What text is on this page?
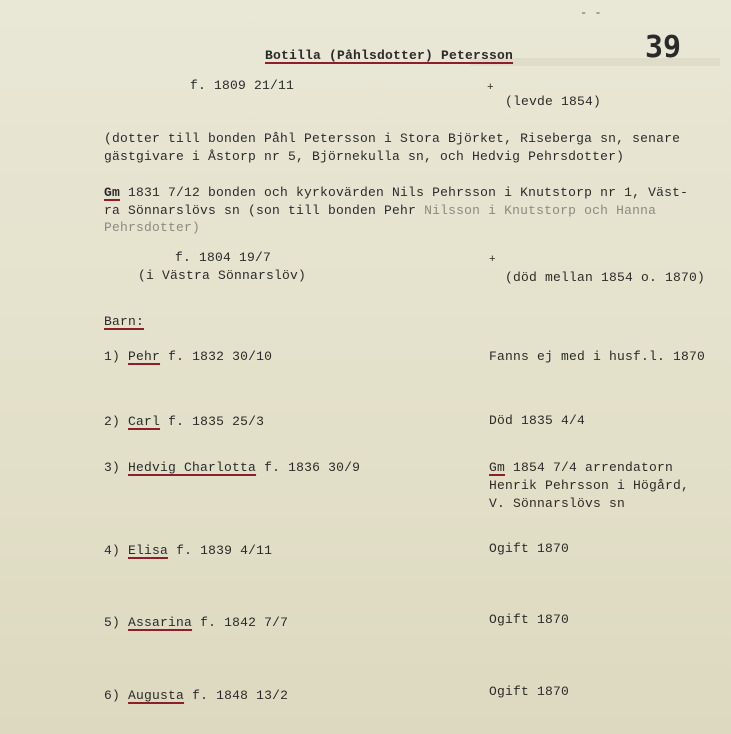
- -
39
Botilla (Påhlsdotter) Petersson
f. 1809 21/11	+
(levde 1854)
(dotter till bonden Påhl Petersson i Stora Björket, Riseberga sn, senare
gästgivare i Åstorp nr 5, Björnekulla sn, och Hedvig Pehrsdotter)
Gm 1831 7/12 bonden och kyrkovärden Nils Pehrsson i Knutstorp nr 1, Väst-
ra Sönnarslövs sn (son till bonden Pehr Nilsson i Knutstorp och Hanna
Pehrsdotter)
f. 1804 19/7
(i Västra Sönnarslöv)
+
(död mellan 1854 o. 1870)
Barn:
1) Pehr f. 1832 30/10	Fanns ej med i husf.l. 1870
2) Carl f. 1835 25/3	Död 1835 4/4
3) Hedvig Charlotta f. 1836 30/9	Gm 1854 7/4 arrendatorn
Henrik Pehrsson i Högård,
V. Sönnarslövs sn
4) Elisa f. 1839 4/11	Ogift 1870
5) Assarina f. 1842 7/7	Ogift 1870
6) Augusta f. 1848 13/2	Ogift 1870
